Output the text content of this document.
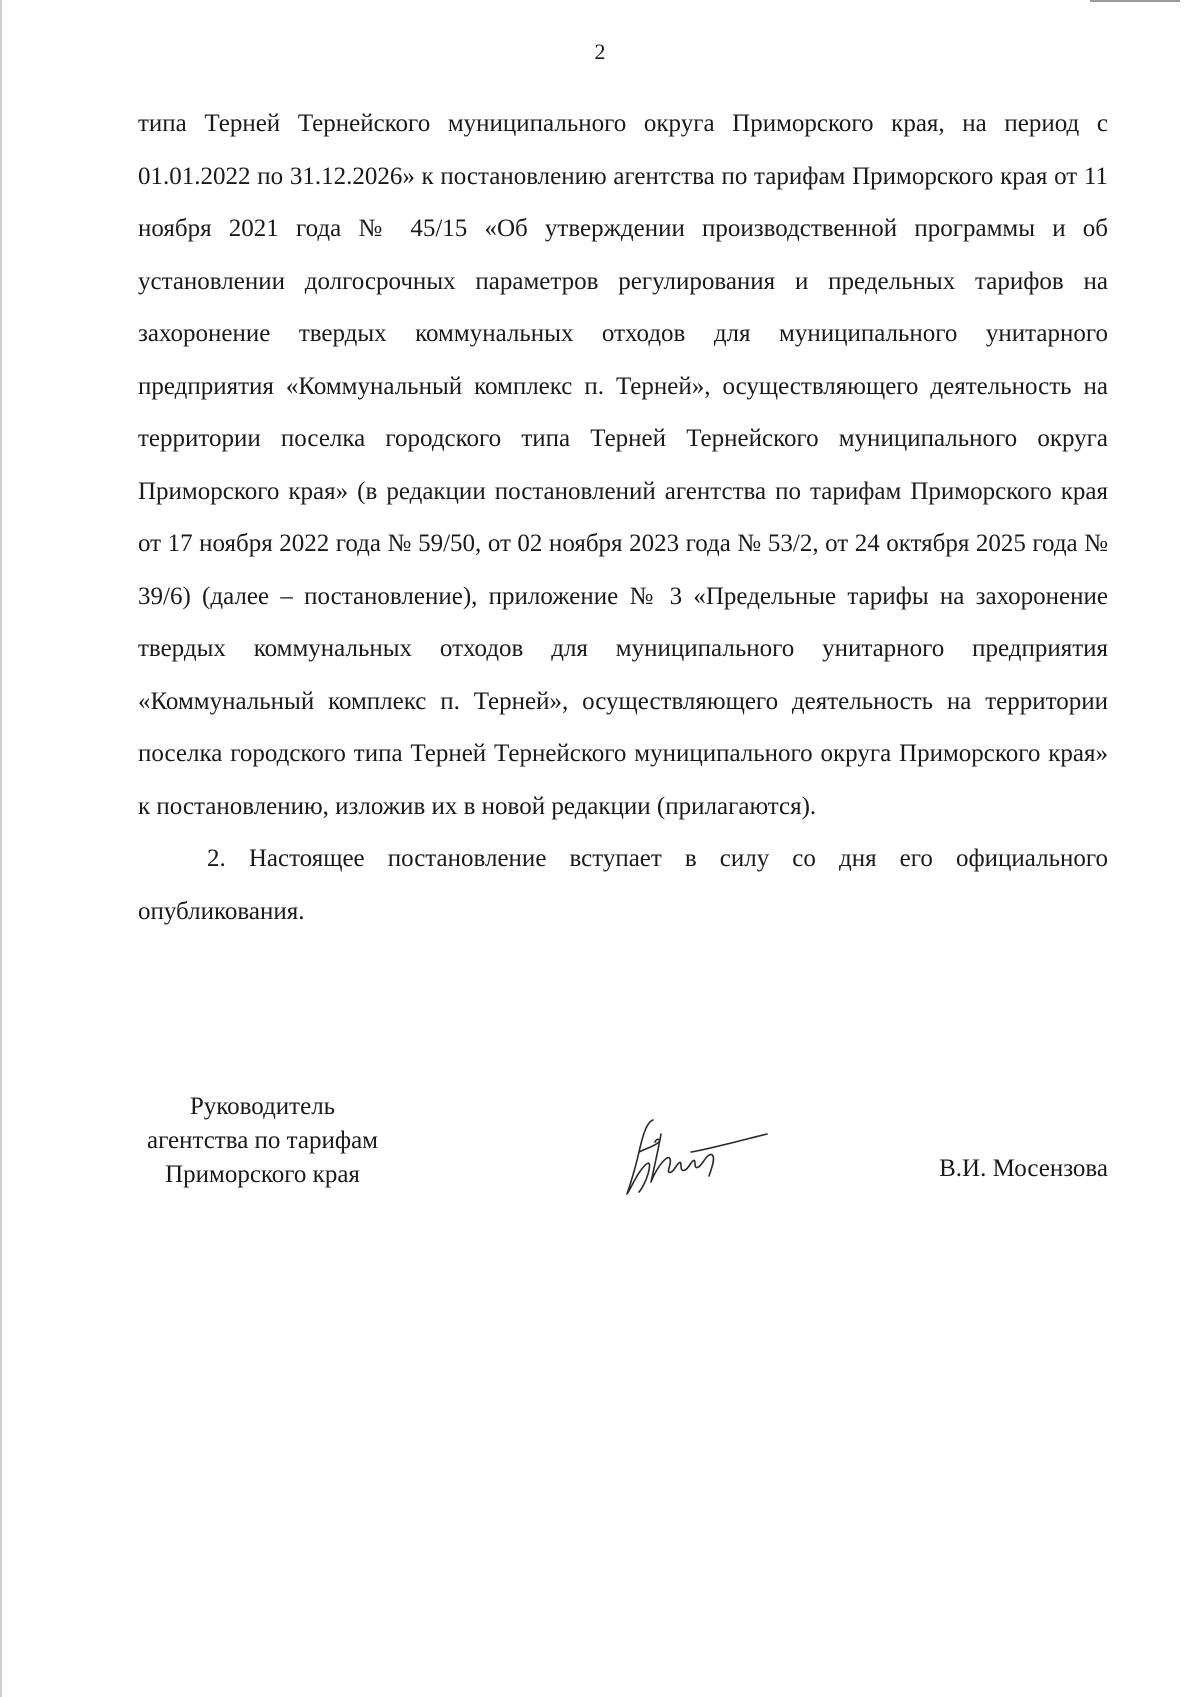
2

типа Терней Тернейского муниципального округа Приморского края, на период с 01.01.2022 по 31.12.2026» к постановлению агентства по тарифам Приморского края от 11 ноября 2021 года № 45/15 «Об утверждении производственной программы и об установлении долгосрочных параметров регулирования и предельных тарифов на захоронение твердых коммунальных отходов для муниципального унитарного предприятия «Коммунальный комплекс п. Терней», осуществляющего деятельность на территории поселка городского типа Терней Тернейского муниципального округа Приморского края» (в редакции постановлений агентства по тарифам Приморского края от 17 ноября 2022 года № 59/50, от 02 ноября 2023 года № 53/2, от 24 октября 2025 года № 39/6) (далее – постановление), приложение № 3 «Предельные тарифы на захоронение твердых коммунальных отходов для муниципального унитарного предприятия «Коммунальный комплекс п. Терней», осуществляющего деятельность на территории поселка городского типа Терней Тернейского муниципального округа Приморского края» к постановлению, изложив их в новой редакции (прилагаются).

2. Настоящее постановление вступает в силу со дня его официального опубликования.

Руководитель
агентства по тарифам
Приморского края	В.И. Мосензова
